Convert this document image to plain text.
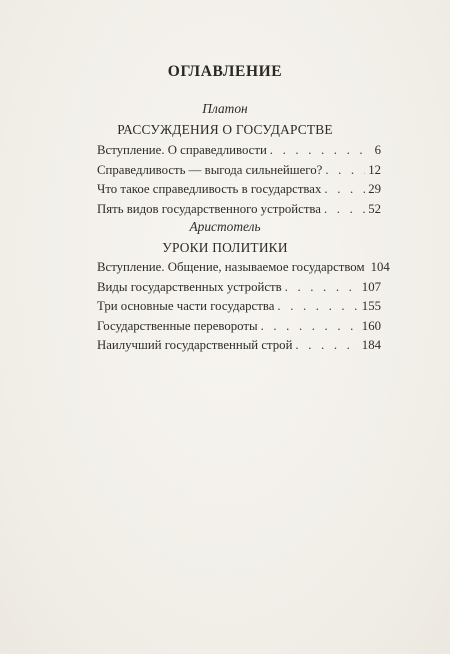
ОГЛАВЛЕНИЕ
Платон
РАССУЖДЕНИЯ О ГОСУДАРСТВЕ
Вступление. О справедливости . . .	6
Справедливость — выгода сильнейшего? . . .	12
Что такое справедливость в государствах . . .	29
Пять видов государственного устройства . . .	52
Аристотель
УРОКИ ПОЛИТИКИ
Вступление. Общение, называемое государством 104
Виды государственных устройств . . .	107
Три основные части государства . . .	155
Государственные перевороты . . .	160
Наилучший государственный строй . . .	184
